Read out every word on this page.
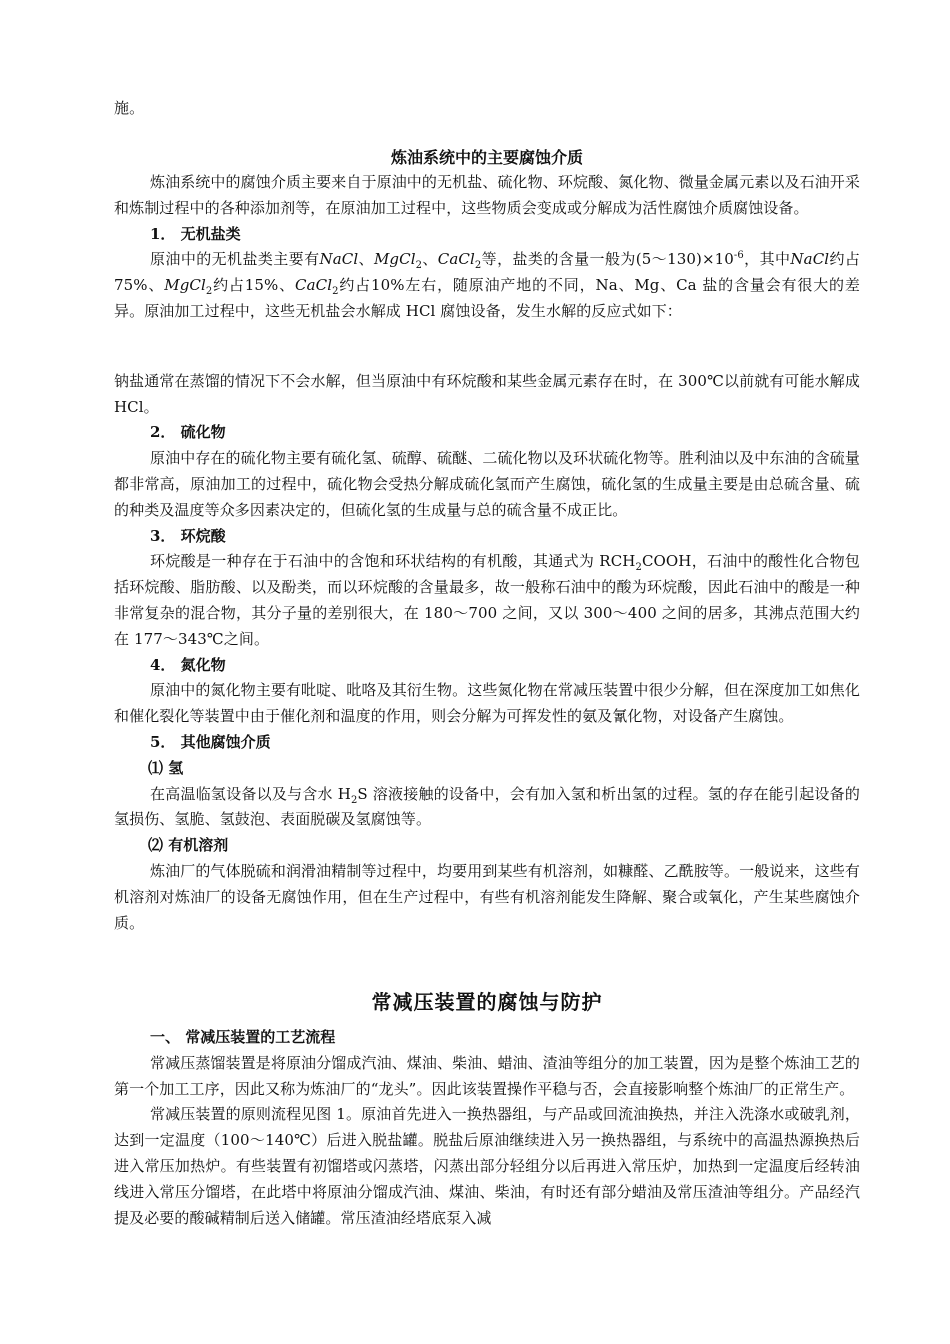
施。

炼油系统中的主要腐蚀介质

炼油系统中的腐蚀介质主要来自于原油中的无机盐、硫化物、环烷酸、氮化物、微量金属元素以及石油开采和炼制过程中的各种添加剂等，在原油加工过程中，这些物质会变成或分解成为活性腐蚀介质腐蚀设备。

1． 无机盐类

原油中的无机盐类主要有NaCl、MgCl$_2$、CaCl$_2$等，盐类的含量一般为$(5\sim 130)\times 10^{-6}$，其中NaCl约占75%、MgCl$_2$约占15%、CaCl$_2$约占10%左右，随原油产地的不同，Na、Mg、Ca 盐的含量会有很大的差异。原油加工过程中，这些无机盐会水解成 HCl 腐蚀设备，发生水解的反应式如下：

钠盐通常在蒸馏的情况下不会水解，但当原油中有环烷酸和某些金属元素存在时，在 300℃以前就有可能水解成 HCl。

2． 硫化物

原油中存在的硫化物主要有硫化氢、硫醇、硫醚、二硫化物以及环状硫化物等。胜利油以及中东油的含硫量都非常高，原油加工的过程中，硫化物会受热分解成硫化氢而产生腐蚀，硫化氢的生成量主要是由总硫含量、硫的种类及温度等众多因素决定的，但硫化氢的生成量与总的硫含量不成正比。

3． 环烷酸

环烷酸是一种存在于石油中的含饱和环状结构的有机酸，其通式为 $RCH_2COOH$，石油中的酸性化合物包括环烷酸、脂肪酸、以及酚类，而以环烷酸的含量最多，故一般称石油中的酸为环烷酸，因此石油中的酸是一种非常复杂的混合物，其分子量的差别很大，在 180～700 之间，又以 300～400 之间的居多，其沸点范围大约在 177～343℃之间。

4． 氮化物

原油中的氮化物主要有吡啶、吡咯及其衍生物。这些氮化物在常减压装置中很少分解，但在深度加工如焦化和催化裂化等装置中由于催化剂和温度的作用，则会分解为可挥发性的氨及氰化物，对设备产生腐蚀。

5． 其他腐蚀介质

⑴ 氢

在高温临氢设备以及与含水 $H_2S$ 溶液接触的设备中，会有加入氢和析出氢的过程。氢的存在能引起设备的氢损伤、氢脆、氢鼓泡、表面脱碳及氢腐蚀等。

⑵ 有机溶剂

炼油厂的气体脱硫和润滑油精制等过程中，均要用到某些有机溶剂，如糠醛、乙酰胺等。一般说来，这些有机溶剂对炼油厂的设备无腐蚀作用，但在生产过程中，有些有机溶剂能发生降解、聚合或氧化，产生某些腐蚀介质。

常减压装置的腐蚀与防护

一、 常减压装置的工艺流程

常减压蒸馏装置是将原油分馏成汽油、煤油、柴油、蜡油、渣油等组分的加工装置，因为是整个炼油工艺的第一个加工工序，因此又称为炼油厂的“龙头”。因此该装置操作平稳与否，会直接影响整个炼油厂的正常生产。

常减压装置的原则流程见图 1。原油首先进入一换热器组，与产品或回流油换热，并注入洗涤水或破乳剂，达到一定温度（100～140℃）后进入脱盐罐。脱盐后原油继续进入另一换热器组，与系统中的高温热源换热后进入常压加热炉。有些装置有初馏塔或闪蒸塔，闪蒸出部分轻组分以后再进入常压炉，加热到一定温度后经转油线进入常压分馏塔，在此塔中将原油分馏成汽油、煤油、柴油，有时还有部分蜡油及常压渣油等组分。产品经汽提及必要的酸碱精制后送入储罐。常压渣油经塔底泵入减
